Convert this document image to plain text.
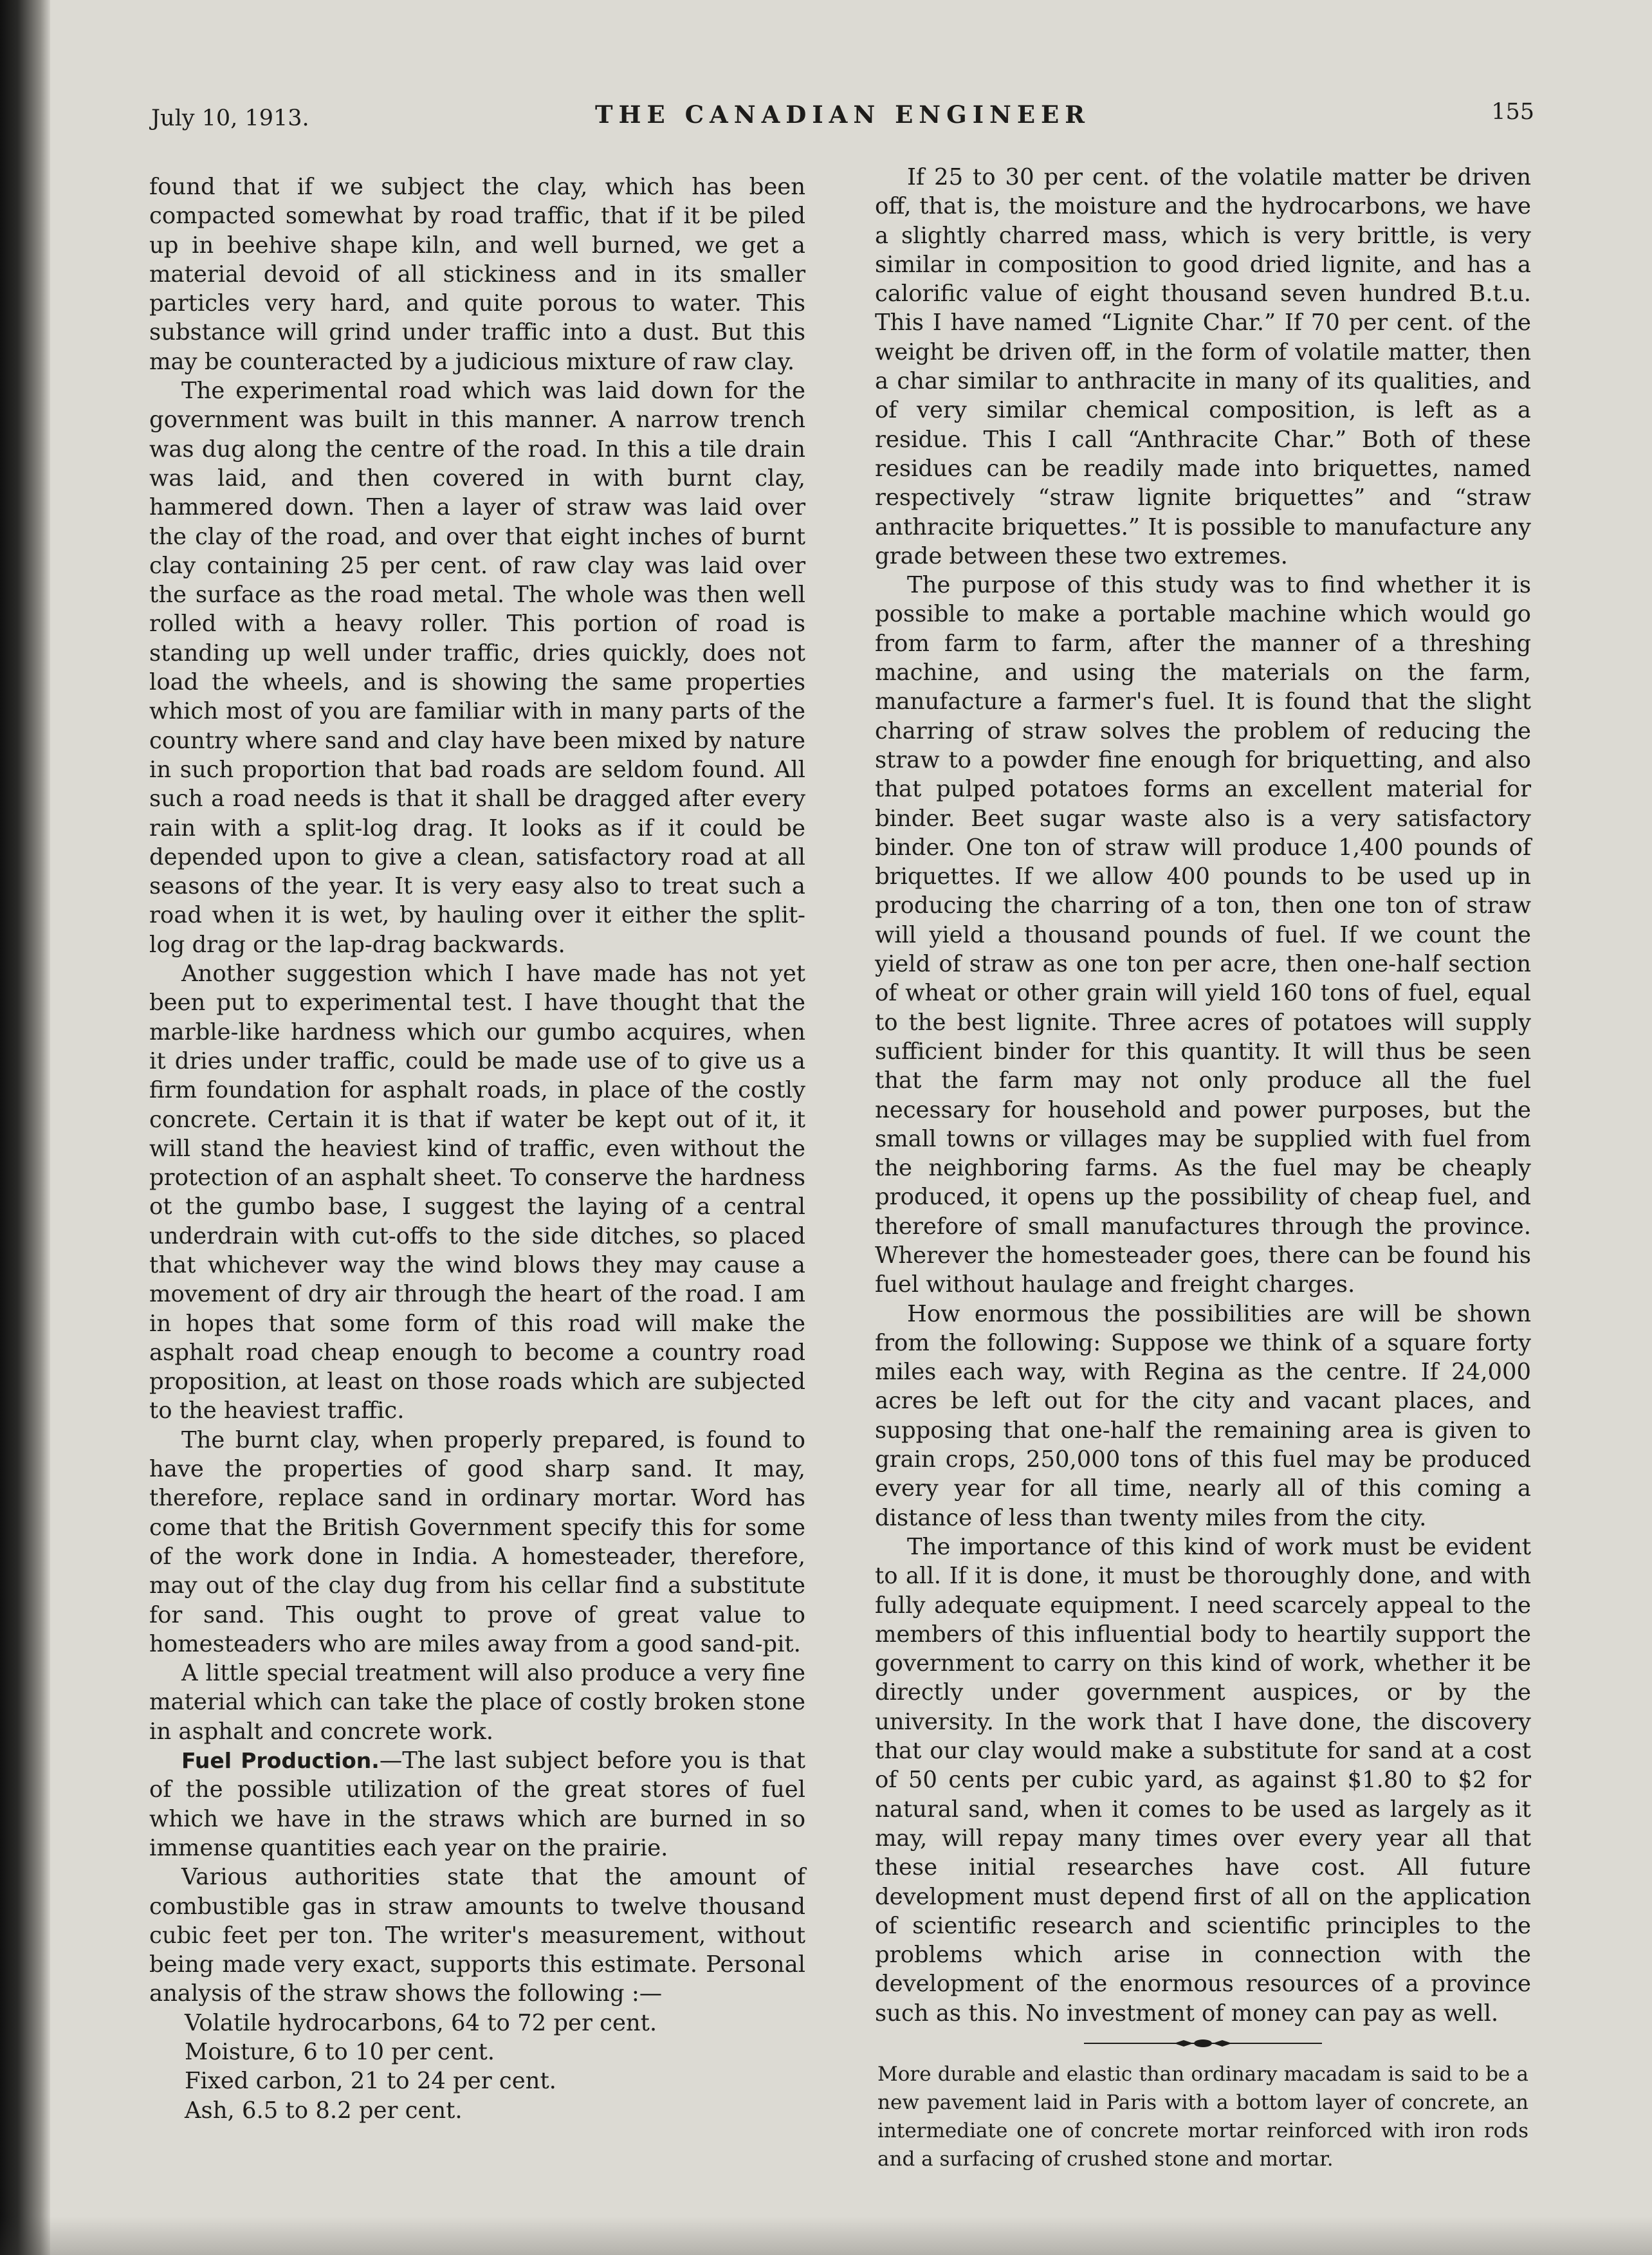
July 10, 1913.	THE CANADIAN ENGINEER	155

found that if we subject the clay, which has been compacted somewhat by road traffic, that if it be piled up in beehive shape kiln, and well burned, we get a material devoid of all stickiness and in its smaller particles very hard, and quite porous to water. This substance will grind under traffic into a dust. But this may be counteracted by a judicious mixture of raw clay.

The experimental road which was laid down for the government was built in this manner. A narrow trench was dug along the centre of the road. In this a tile drain was laid, and then covered in with burnt clay, hammered down. Then a layer of straw was laid over the clay of the road, and over that eight inches of burnt clay containing 25 per cent. of raw clay was laid over the surface as the road metal. The whole was then well rolled with a heavy roller. This portion of road is standing up well under traffic, dries quickly, does not load the wheels, and is showing the same properties which most of you are familiar with in many parts of the country where sand and clay have been mixed by nature in such proportion that bad roads are seldom found. All such a road needs is that it shall be dragged after every rain with a split-log drag. It looks as if it could be depended upon to give a clean, satisfactory road at all seasons of the year. It is very easy also to treat such a road when it is wet, by hauling over it either the split-log drag or the lap-drag backwards.

Another suggestion which I have made has not yet been put to experimental test. I have thought that the marble-like hardness which our gumbo acquires, when it dries under traffic, could be made use of to give us a firm foundation for asphalt roads, in place of the costly concrete. Certain it is that if water be kept out of it, it will stand the heaviest kind of traffic, even without the protection of an asphalt sheet. To conserve the hardness ot the gumbo base, I suggest the laying of a central underdrain with cut-offs to the side ditches, so placed that whichever way the wind blows they may cause a movement of dry air through the heart of the road. I am in hopes that some form of this road will make the asphalt road cheap enough to become a country road proposition, at least on those roads which are subjected to the heaviest traffic.

The burnt clay, when properly prepared, is found to have the properties of good sharp sand. It may, therefore, replace sand in ordinary mortar. Word has come that the British Government specify this for some of the work done in India. A homesteader, therefore, may out of the clay dug from his cellar find a substitute for sand. This ought to prove of great value to homesteaders who are miles away from a good sand-pit.

A little special treatment will also produce a very fine material which can take the place of costly broken stone in asphalt and concrete work.

Fuel Production.—The last subject before you is that of the possible utilization of the great stores of fuel which we have in the straws which are burned in so immense quantities each year on the prairie.

Various authorities state that the amount of combustible gas in straw amounts to twelve thousand cubic feet per ton. The writer's measurement, without being made very exact, supports this estimate. Personal analysis of the straw shows the following :—

Volatile hydrocarbons, 64 to 72 per cent.
Moisture, 6 to 10 per cent.
Fixed carbon, 21 to 24 per cent.
Ash, 6.5 to 8.2 per cent.

If 25 to 30 per cent. of the volatile matter be driven off, that is, the moisture and the hydrocarbons, we have a slightly charred mass, which is very brittle, is very similar in composition to good dried lignite, and has a calorific value of eight thousand seven hundred B.t.u. This I have named “Lignite Char.” If 70 per cent. of the weight be driven off, in the form of volatile matter, then a char similar to anthracite in many of its qualities, and of very similar chemical composition, is left as a residue. This I call “Anthracite Char.” Both of these residues can be readily made into briquettes, named respectively “straw lignite briquettes” and “straw anthracite briquettes.” It is possible to manufacture any grade between these two extremes.

The purpose of this study was to find whether it is possible to make a portable machine which would go from farm to farm, after the manner of a threshing machine, and using the materials on the farm, manufacture a farmer's fuel. It is found that the slight charring of straw solves the problem of reducing the straw to a powder fine enough for briquetting, and also that pulped potatoes forms an excellent material for binder. Beet sugar waste also is a very satisfactory binder. One ton of straw will produce 1,400 pounds of briquettes. If we allow 400 pounds to be used up in producing the charring of a ton, then one ton of straw will yield a thousand pounds of fuel. If we count the yield of straw as one ton per acre, then one-half section of wheat or other grain will yield 160 tons of fuel, equal to the best lignite. Three acres of potatoes will supply sufficient binder for this quantity. It will thus be seen that the farm may not only produce all the fuel necessary for household and power purposes, but the small towns or villages may be supplied with fuel from the neighboring farms. As the fuel may be cheaply produced, it opens up the possibility of cheap fuel, and therefore of small manufactures through the province. Wherever the homesteader goes, there can be found his fuel without haulage and freight charges.

How enormous the possibilities are will be shown from the following: Suppose we think of a square forty miles each way, with Regina as the centre. If 24,000 acres be left out for the city and vacant places, and supposing that one-half the remaining area is given to grain crops, 250,000 tons of this fuel may be produced every year for all time, nearly all of this coming a distance of less than twenty miles from the city.

The importance of this kind of work must be evident to all. If it is done, it must be thoroughly done, and with fully adequate equipment. I need scarcely appeal to the members of this influential body to heartily support the government to carry on this kind of work, whether it be directly under government auspices, or by the university. In the work that I have done, the discovery that our clay would make a substitute for sand at a cost of 50 cents per cubic yard, as against $1.80 to $2 for natural sand, when it comes to be used as largely as it may, will repay many times over every year all that these initial researches have cost. All future development must depend first of all on the application of scientific research and scientific principles to the problems which arise in connection with the development of the enormous resources of a province such as this. No investment of money can pay as well.

More durable and elastic than ordinary macadam is said to be a new pavement laid in Paris with a bottom layer of concrete, an intermediate one of concrete mortar reinforced with iron rods and a surfacing of crushed stone and mortar.
